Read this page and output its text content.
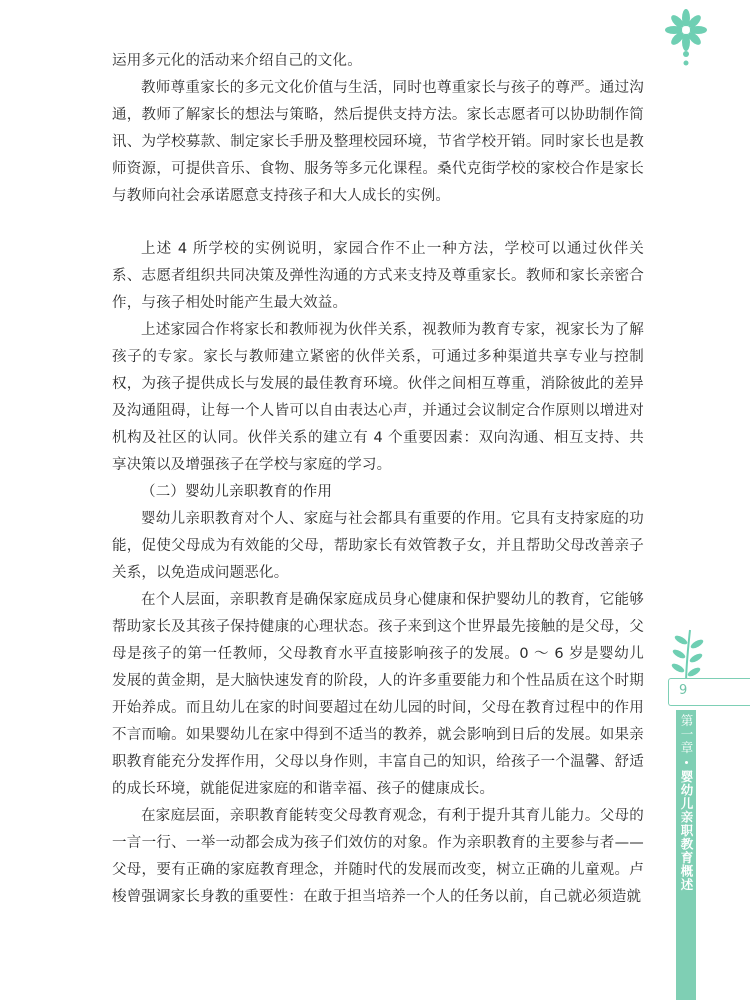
运用多元化的活动来介绍自己的文化。

教师尊重家长的多元文化价值与生活，同时也尊重家长与孩子的尊严。通过沟通，教师了解家长的想法与策略，然后提供支持方法。家长志愿者可以协助制作简讯、为学校募款、制定家长手册及整理校园环境，节省学校开销。同时家长也是教师资源，可提供音乐、食物、服务等多元化课程。桑代克街学校的家校合作是家长与教师向社会承诺愿意支持孩子和大人成长的实例。

上述 4 所学校的实例说明，家园合作不止一种方法，学校可以通过伙伴关系、志愿者组织共同决策及弹性沟通的方式来支持及尊重家长。教师和家长亲密合作，与孩子相处时能产生最大效益。

上述家园合作将家长和教师视为伙伴关系，视教师为教育专家，视家长为了解孩子的专家。家长与教师建立紧密的伙伴关系，可通过多种渠道共享专业与控制权，为孩子提供成长与发展的最佳教育环境。伙伴之间相互尊重，消除彼此的差异及沟通阻碍，让每一个人皆可以自由表达心声，并通过会议制定合作原则以增进对机构及社区的认同。伙伴关系的建立有 4 个重要因素：双向沟通、相互支持、共享决策以及增强孩子在学校与家庭的学习。

（二）婴幼儿亲职教育的作用

婴幼儿亲职教育对个人、家庭与社会都具有重要的作用。它具有支持家庭的功能，促使父母成为有效能的父母，帮助家长有效管教子女，并且帮助父母改善亲子关系，以免造成问题恶化。

在个人层面，亲职教育是确保家庭成员身心健康和保护婴幼儿的教育，它能够帮助家长及其孩子保持健康的心理状态。孩子来到这个世界最先接触的是父母，父母是孩子的第一任教师，父母教育水平直接影响孩子的发展。0 ～ 6 岁是婴幼儿发展的黄金期，是大脑快速发育的阶段，人的许多重要能力和个性品质在这个时期开始养成。而且幼儿在家的时间要超过在幼儿园的时间，父母在教育过程中的作用不言而喻。如果婴幼儿在家中得到不适当的教养，就会影响到日后的发展。如果亲职教育能充分发挥作用，父母以身作则，丰富自己的知识，给孩子一个温馨、舒适的成长环境，就能促进家庭的和谐幸福、孩子的健康成长。

在家庭层面，亲职教育能转变父母教育观念，有利于提升其育儿能力。父母的一言一行、一举一动都会成为孩子们效仿的对象。作为亲职教育的主要参与者——父母，要有正确的家庭教育理念，并随时代的发展而改变，树立正确的儿童观。卢梭曾强调家长身教的重要性：在敢于担当培养一个人的任务以前，自己就必须造就

9
第一章
婴幼儿亲职教育概述
